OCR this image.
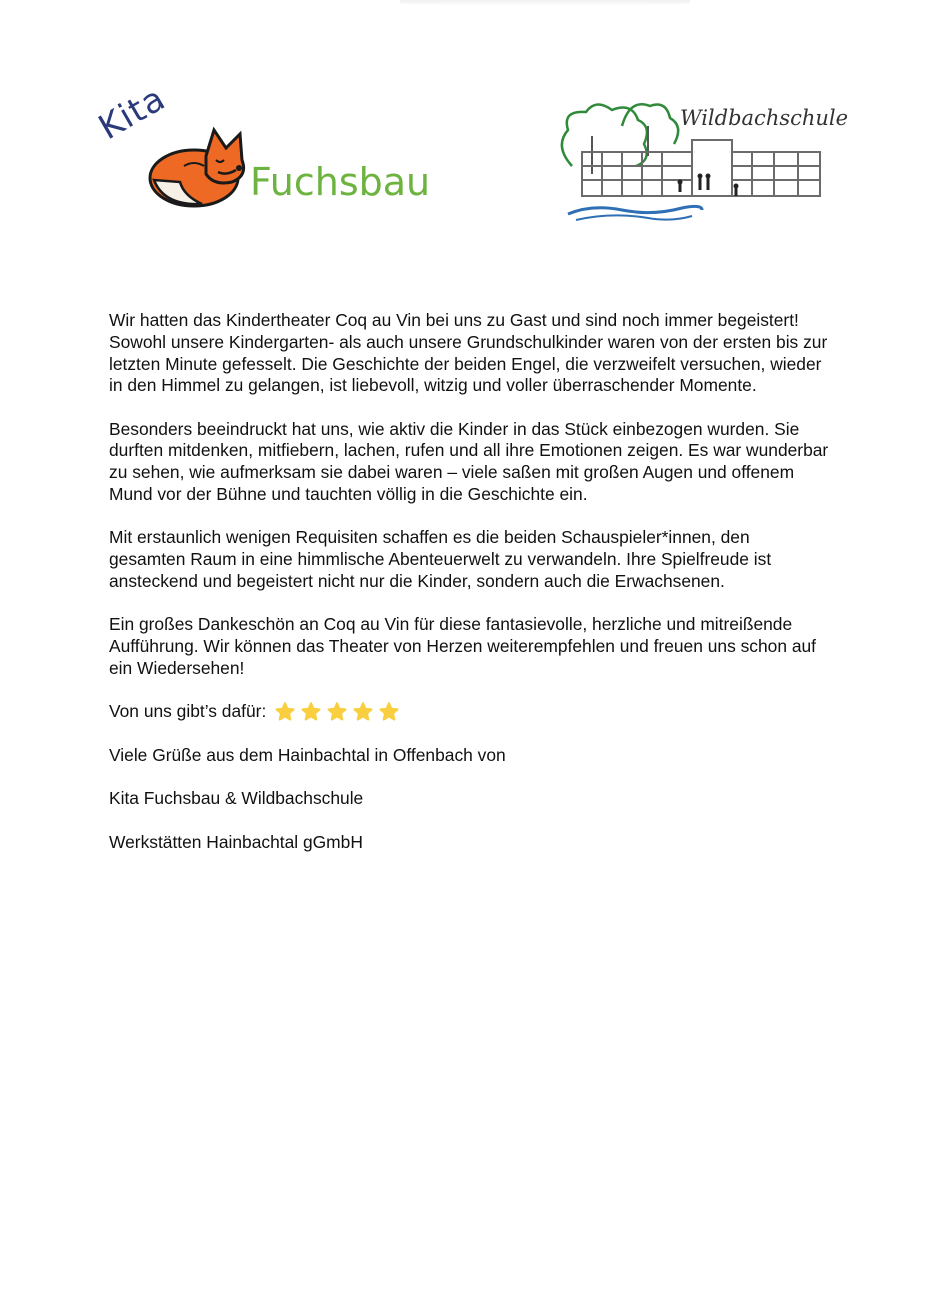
Kita
Fuchsbau
Wildbachschule

Wir hatten das Kindertheater Coq au Vin bei uns zu Gast und sind noch immer begeistert! Sowohl unsere Kindergarten- als auch unsere Grundschulkinder waren von der ersten bis zur letzten Minute gefesselt. Die Geschichte der beiden Engel, die verzweifelt versuchen, wieder in den Himmel zu gelangen, ist liebevoll, witzig und voller überraschender Momente.

Besonders beeindruckt hat uns, wie aktiv die Kinder in das Stück einbezogen wurden. Sie durften mitdenken, mitfiebern, lachen, rufen und all ihre Emotionen zeigen. Es war wunderbar zu sehen, wie aufmerksam sie dabei waren – viele saßen mit großen Augen und offenem Mund vor der Bühne und tauchten völlig in die Geschichte ein.

Mit erstaunlich wenigen Requisiten schaffen es die beiden Schauspieler*innen, den gesamten Raum in eine himmlische Abenteuerwelt zu verwandeln. Ihre Spielfreude ist ansteckend und begeistert nicht nur die Kinder, sondern auch die Erwachsenen.

Ein großes Dankeschön an Coq au Vin für diese fantasievolle, herzliche und mitreißende Aufführung. Wir können das Theater von Herzen weiterempfehlen und freuen uns schon auf ein Wiedersehen!

Von uns gibt’s dafür:

Viele Grüße aus dem Hainbachtal in Offenbach von

Kita Fuchsbau & Wildbachschule

Werkstätten Hainbachtal gGmbH
